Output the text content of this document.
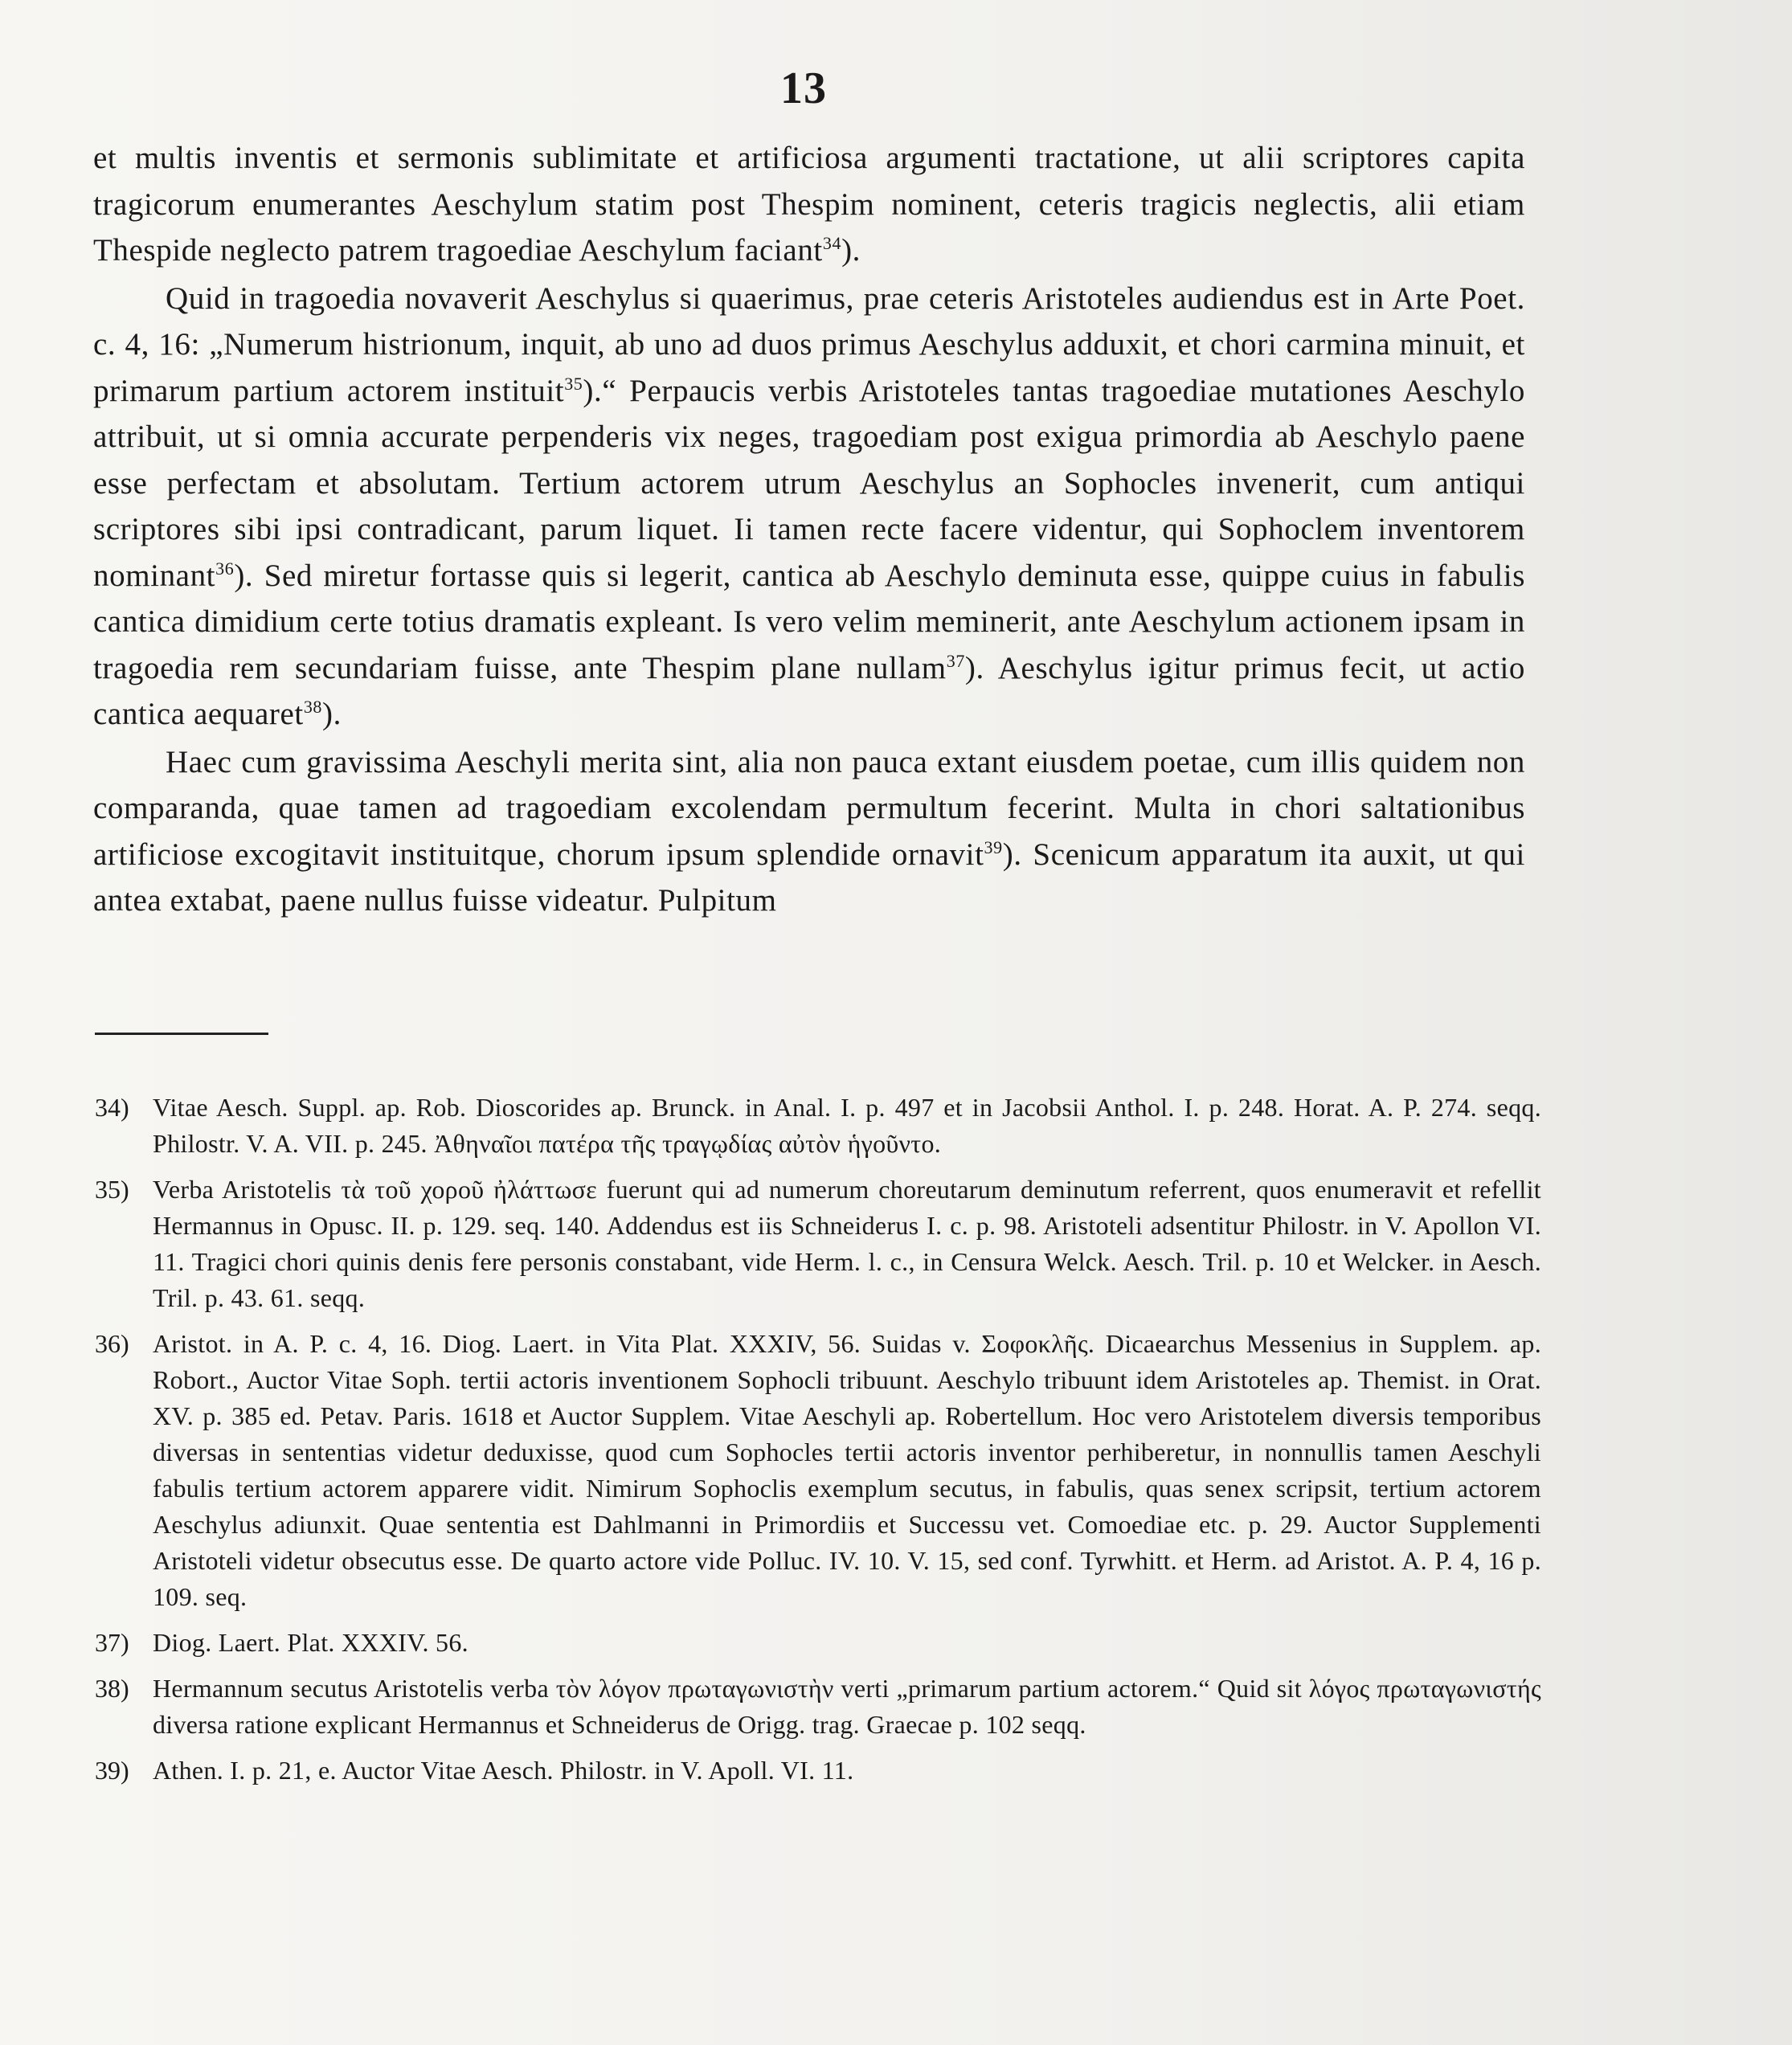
13

et multis inventis et sermonis sublimitate et artificiosa argumenti tractatione, ut alii scriptores capita tragicorum enumerantes Aeschylum statim post Thespim nominent, ceteris tragicis neglectis, alii etiam Thespide neglecto patrem tragoediae Aeschylum faciant$^{34}$).

Quid in tragoedia novaverit Aeschylus si quaerimus, prae ceteris Aristoteles audiendus est in Arte Poet. c. 4, 16: „Numerum histrionum, inquit, ab uno ad duos primus Aeschylus adduxit, et chori carmina minuit, et primarum partium actorem instituit$^{35}$).“ Perpaucis verbis Aristoteles tantas tragoediae mutationes Aeschylo attribuit, ut si omnia accurate perpenderis vix neges, tragoediam post exigua primordia ab Aeschylo paene esse perfectam et absolutam. Tertium actorem utrum Aeschylus an Sophocles invenerit, cum antiqui scriptores sibi ipsi contradicant, parum liquet. Ii tamen recte facere videntur, qui Sophoclem inventorem nominant$^{36}$). Sed miretur fortasse quis si legerit, cantica ab Aeschylo deminuta esse, quippe cuius in fabulis cantica dimidium certe totius dramatis expleant. Is vero velim meminerit, ante Aeschylum actionem ipsam in tragoedia rem secundariam fuisse, ante Thespim plane nullam$^{37}$). Aeschylus igitur primus fecit, ut actio cantica aequaret$^{38}$).

Haec cum gravissima Aeschyli merita sint, alia non pauca extant eiusdem poetae, cum illis quidem non comparanda, quae tamen ad tragoediam excolendam permultum fecerint. Multa in chori saltationibus artificiose excogitavit instituitque, chorum ipsum splendide ornavit$^{39}$). Scenicum apparatum ita auxit, ut qui antea extabat, paene nullus fuisse videatur. Pulpitum

34) Vitae Aesch. Suppl. ap. Rob. Dioscorides ap. Brunck. in Anal. I. p. 497 et in Jacobsii Anthol. I. p. 248. Horat. A. P. 274. seqq. Philostr. V. A. VII. p. 245. Ἀθηναῖοι πατέρα τῆς τραγῳδίας αὐτὸν ἡγοῦντο.
35) Verba Aristotelis τὰ τοῦ χοροῦ ἠλάττωσε fuerunt qui ad numerum choreutarum deminutum referrent, quos enumeravit et refellit Hermannus in Opusc. II. p. 129. seq. 140. Addendus est iis Schneiderus I. c. p. 98. Aristoteli adsentitur Philostr. in V. Apollon VI. 11. Tragici chori quinis denis fere personis constabant, vide Herm. l. c., in Censura Welck. Aesch. Tril. p. 10 et Welcker. in Aesch. Tril. p. 43. 61. seqq.
36) Aristot. in A. P. c. 4, 16. Diog. Laert. in Vita Plat. XXXIV, 56. Suidas v. Σοφοκλῆς. Dicaearchus Messenius in Supplem. ap. Robort., Auctor Vitae Soph. tertii actoris inventionem Sophocli tribuunt. Aeschylo tribuunt idem Aristoteles ap. Themist. in Orat. XV. p. 385 ed. Petav. Paris. 1618 et Auctor Supplem. Vitae Aeschyli ap. Robertellum. Hoc vero Aristotelem diversis temporibus diversas in sententias videtur deduxisse, quod cum Sophocles tertii actoris inventor perhiberetur, in nonnullis tamen Aeschyli fabulis tertium actorem apparere vidit. Nimirum Sophoclis exemplum secutus, in fabulis, quas senex scripsit, tertium actorem Aeschylus adiunxit. Quae sententia est Dahlmanni in Primordiis et Successu vet. Comoediae etc. p. 29. Auctor Supplementi Aristoteli videtur obsecutus esse. De quarto actore vide Polluc. IV. 10. V. 15, sed conf. Tyrwhitt. et Herm. ad Aristot. A. P. 4, 16 p. 109. seq.
37) Diog. Laert. Plat. XXXIV. 56.
38) Hermannum secutus Aristotelis verba τὸν λόγον πρωταγωνιστὴν verti „primarum partium actorem.“ Quid sit λόγος πρωταγωνιστής diversa ratione explicant Hermannus et Schneiderus de Origg. trag. Graecae p. 102 seqq.
39) Athen. I. p. 21, e. Auctor Vitae Aesch. Philostr. in V. Apoll. VI. 11.
